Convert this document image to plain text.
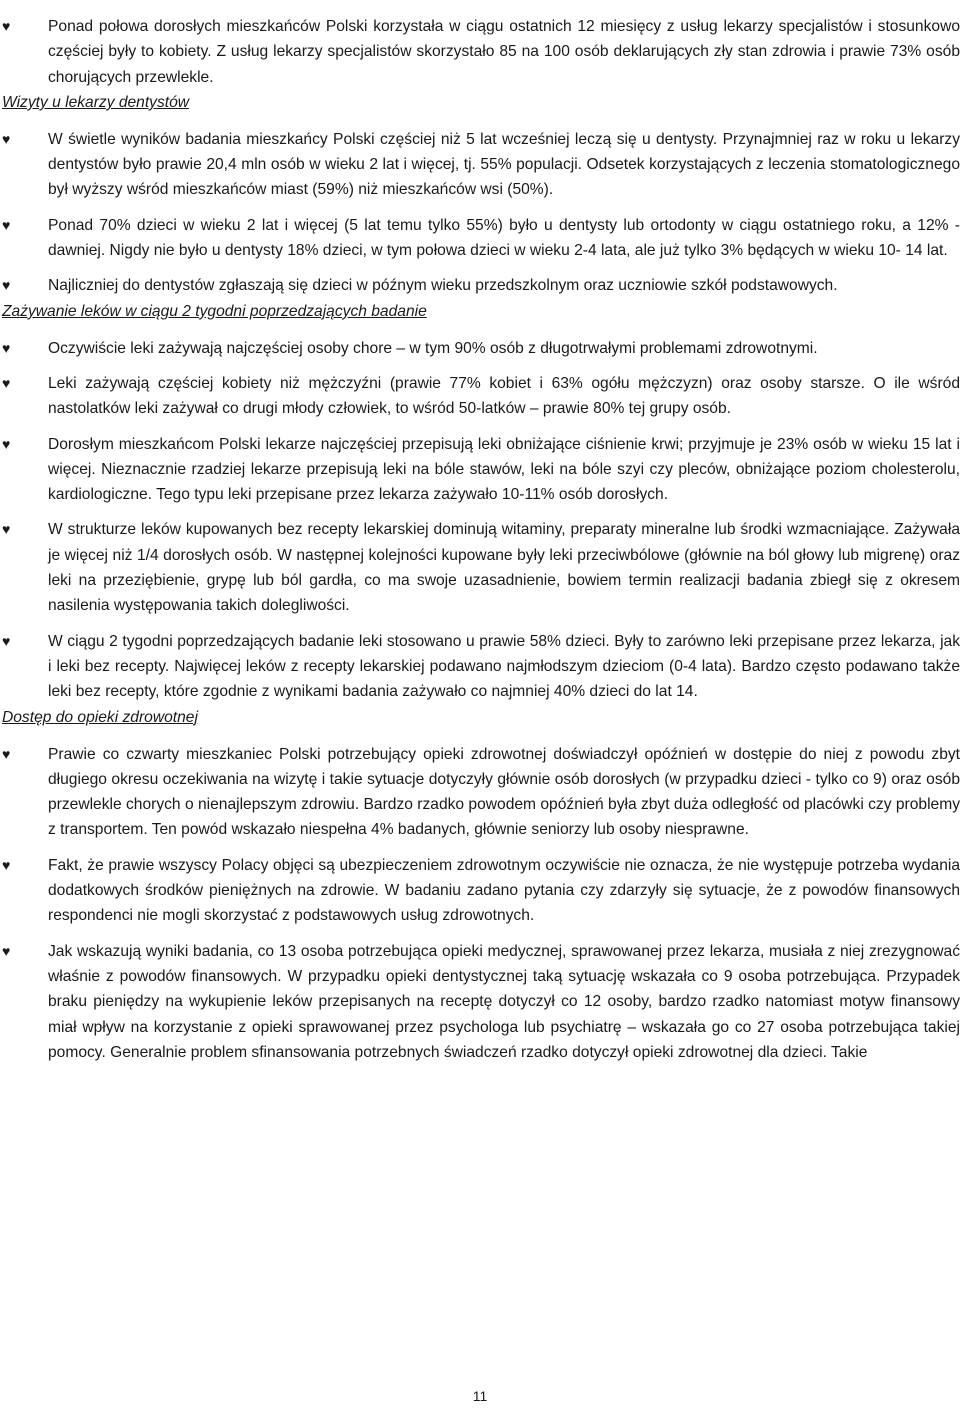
♥	Ponad połowa dorosłych mieszkańców Polski korzystała w ciągu ostatnich 12 miesięcy z usług lekarzy specjalistów i stosunkowo częściej były to kobiety. Z usług lekarzy specjalistów skorzystało 85 na 100 osób deklarujących zły stan zdrowia i prawie 73% osób chorujących przewlekle.
Wizyty u lekarzy dentystów
♥	W świetle wyników badania mieszkańcy Polski częściej niż 5 lat wcześniej leczą się u dentysty. Przynajmniej raz w roku u lekarzy dentystów było prawie 20,4 mln osób w wieku 2 lat i więcej, tj. 55% populacji. Odsetek korzystających z leczenia stomatologicznego był wyższy wśród mieszkańców miast (59%) niż mieszkańców wsi (50%).
♥	Ponad 70% dzieci w wieku 2 lat i więcej (5 lat temu tylko 55%) było u dentysty lub ortodonty w ciągu ostatniego roku, a 12% - dawniej. Nigdy nie było u dentysty 18% dzieci, w tym połowa dzieci w wieku 2-4 lata, ale już tylko 3% będących w wieku 10- 14 lat.
♥	Najliczniej do dentystów zgłaszają się dzieci w późnym wieku przedszkolnym oraz uczniowie szkół podstawowych.
Zażywanie leków w ciągu 2 tygodni poprzedzających badanie
♥	Oczywiście leki zażywają najczęściej osoby chore – w tym 90% osób z długotrwałymi problemami zdrowotnymi.
♥	Leki zażywają częściej kobiety niż mężczyźni (prawie 77% kobiet i 63% ogółu mężczyzn) oraz osoby starsze. O ile wśród nastolatków leki zażywał co drugi młody człowiek, to wśród 50-latków – prawie 80% tej grupy osób.
♥	Dorosłym mieszkańcom Polski lekarze najczęściej przepisują leki obniżające ciśnienie krwi; przyjmuje je 23% osób w wieku 15 lat i więcej. Nieznacznie rzadziej lekarze przepisują leki na bóle stawów, leki na bóle szyi czy pleców, obniżające poziom cholesterolu, kardiologiczne. Tego typu leki przepisane przez lekarza zażywało 10-11% osób dorosłych.
♥	W strukturze leków kupowanych bez recepty lekarskiej dominują witaminy, preparaty mineralne lub środki wzmacniające. Zażywała je więcej niż 1/4 dorosłych osób. W następnej kolejności kupowane były leki przeciwbólowe (głównie na ból głowy lub migrenę) oraz leki na przeziębienie, grypę lub ból gardła, co ma swoje uzasadnienie, bowiem termin realizacji badania zbiegł się z okresem nasilenia występowania takich dolegliwości.
♥	W ciągu 2 tygodni poprzedzających badanie leki stosowano u prawie 58% dzieci. Były to zarówno leki przepisane przez lekarza, jak i leki bez recepty. Najwięcej leków z recepty lekarskiej podawano najmłodszym dzieciom (0-4 lata). Bardzo często podawano także leki bez recepty, które zgodnie z wynikami badania zażywało co najmniej 40% dzieci do lat 14.
Dostęp do opieki zdrowotnej
♥	Prawie co czwarty mieszkaniec Polski potrzebujący opieki zdrowotnej doświadczył opóźnień w dostępie do niej z powodu zbyt długiego okresu oczekiwania na wizytę i takie sytuacje dotyczyły głównie osób dorosłych (w przypadku dzieci - tylko co 9) oraz osób przewlekle chorych o nienajlepszym zdrowiu. Bardzo rzadko powodem opóźnień była zbyt duża odległość od placówki czy problemy z transportem. Ten powód wskazało niespełna 4% badanych, głównie seniorzy lub osoby niesprawne.
♥	Fakt, że prawie wszyscy Polacy objęci są ubezpieczeniem zdrowotnym oczywiście nie oznacza, że nie występuje potrzeba wydania dodatkowych środków pieniężnych na zdrowie. W badaniu zadano pytania czy zdarzyły się sytuacje, że z powodów finansowych respondenci nie mogli skorzystać z podstawowych usług zdrowotnych.
♥	Jak wskazują wyniki badania, co 13 osoba potrzebująca opieki medycznej, sprawowanej przez lekarza, musiała z niej zrezygnować właśnie z powodów finansowych. W przypadku opieki dentystycznej taką sytuację wskazała co 9 osoba potrzebująca. Przypadek braku pieniędzy na wykupienie leków przepisanych na receptę dotyczył co 12 osoby, bardzo rzadko natomiast motyw finansowy miał wpływ na korzystanie z opieki sprawowanej przez psychologa lub psychiatrę – wskazała go co 27 osoba potrzebująca takiej pomocy. Generalnie problem sfinansowania potrzebnych świadczeń rzadko dotyczył opieki zdrowotnej dla dzieci. Takie
11
